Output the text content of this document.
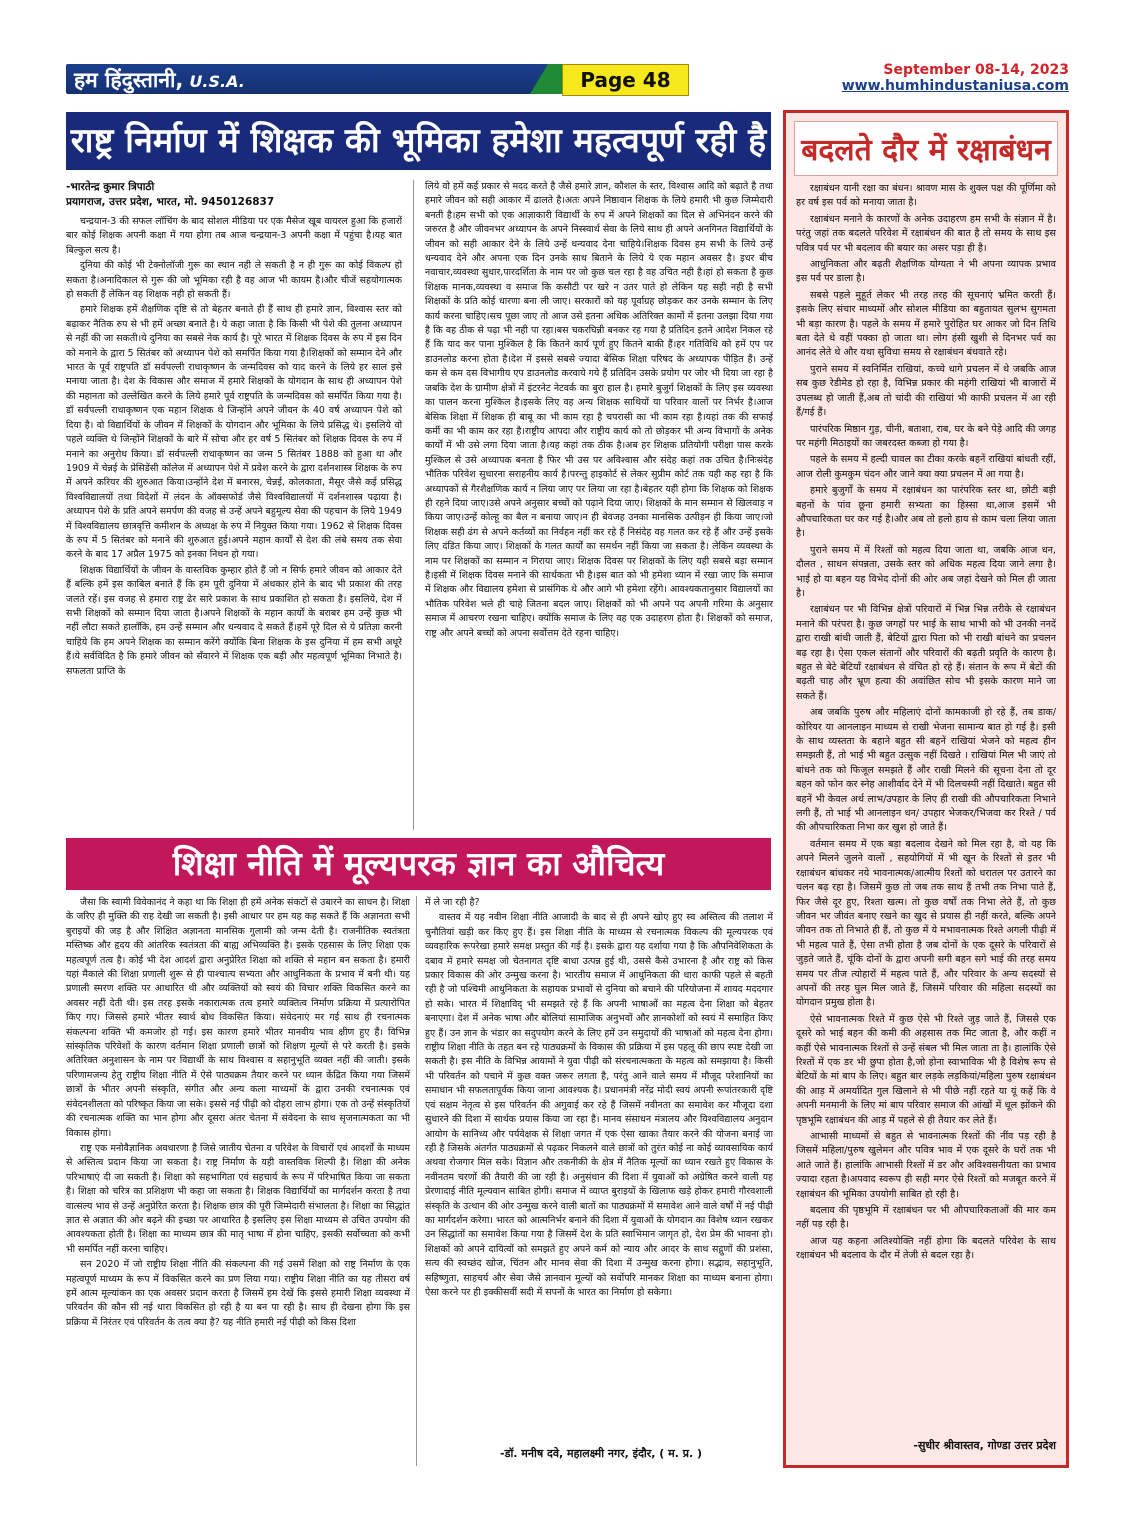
हम हिंदुस्तानी, U.S.A.	Page 48	September 08-14, 2023
www.humhindustaniusa.com
राष्ट्र निर्माण में शिक्षक की भूमिका हमेशा महत्वपूर्ण रही है
-भारतेन्द्र कुमार त्रिपाठी
प्रयागराज, उत्तर प्रदेश, भारत, मो. 9450126837

चन्द्रयान-3 की सफल लॉचिंग के बाद सोशल मीडिया पर एक मैसेज खूब वायरल हुआ कि हजारों बार कोई शिक्षक अपनी कक्षा में गया होगा तब आज चन्द्रयान-3 अपनी कक्षा में पहुंचा है।यह बात बिल्कुल सत्य है।

दुनिया की कोई भी टेक्नोलॉजी गुरू का स्थान नही ले सकती है न ही गुरू का कोई विकल्प हो सकता है।अनादिकाल से गुरू की जो भूमिका रही है वह आज भी कायम है।और चीजें सहयोगात्मक हो सकती हैं लेकिन वह शिक्षक नही हो सकती हैं।

हमारे शिक्षक हमें शैक्षणिक दृष्टि से तो बेहतर बनाते ही हैं साथ ही हमारे ज्ञान, विश्वास स्तर को बढ़ाकर नैतिक रुप से भी हमें अच्छा बनाते है। ये कहा जाता है कि किसी भी पेशे की तुलना अध्यापन से नहीं की जा सकती।ये दुनिया का सबसे नेक कार्य है। पूरे भारत में शिक्षक दिवस के रुप में इस दिन को मनाने के द्वारा 5 सितंबर को अध्यापन पेशे को समर्पित किया गया है।शिक्षकों को सम्मान देने और भारत के पूर्व राष्ट्रपति डॉ सर्वपल्ली राधाकृष्णन के जन्मदिवस को याद करने के लिये हर साल इसे मनाया जाता है। देश के विकास और समाज में हमारे शिक्षकों के योगदान के साथ ही अध्यापन पेशे की महानता को उल्लेखित करने के लिये हमारे पूर्व राष्ट्रपति के जन्मदिवस को समर्पित किया गया है।डॉ सर्वपल्ली राधाकृष्णन एक महान शिक्षक थे जिन्होंने अपने जीवन के 40 वर्ष अध्यापन पेशे को दिया है। वो विद्यार्थियों के जीवन में शिक्षकों के योगदान और भूमिका के लिये प्रसिद्ध थे। इसलिये वो पहले व्यक्ति थे जिन्होंने शिक्षकों के बारे में सोचा और हर वर्ष 5 सितंबर को शिक्षक दिवस के रुप में मनाने का अनुरोध किया। डॉ सर्वपल्ली राधाकृष्णन का जन्म 5 सितंबर 1888 को हुआ था और 1909 में चेन्नई के प्रेसिडेंसी कॉलेज में अध्यापन पेशे में प्रवेश करने के द्वारा दर्शनशास्त्र शिक्षक के रुप में अपने करियर की शुरुआत किया।उन्होंने देश में बनारस, चेन्नई, कोलकाता, मैसूर जैसे कई प्रसिद्ध विश्वविद्यालयों तथा विदेशों में लंदन के ऑक्सफोर्ड जैसे विश्वविद्यालयों में दर्शनशास्त्र पढ़ाया है। अध्यापन पेशे के प्रति अपने समर्पण की वजह से उन्हें अपने बहुमूल्य सेवा की पहचान के लिये 1949 में विश्वविद्यालय छात्रवृत्ति कमीशन के अध्यक्ष के रुप में नियुक्त किया गया। 1962 से शिक्षक दिवस के रुप में 5 सितंबर को मनाने की शुरुआत हुई।अपने महान कार्यों से देश की लंबे समय तक सेवा करने के बाद 17 अप्रैल 1975 को इनका निधन हो गया।

शिक्षक विद्यार्थियों के जीवन के वास्तविक कुम्हार होते हैं जो न सिर्फ हमारे जीवन को आकार देते हैं बल्कि हमें इस काबिल बनाते हैं कि हम पूरी दुनिया में अंधकार होने के बाद भी प्रकाश की तरह जलते रहें। इस वजह से हमारा राष्ट्र ढेर सारे प्रकाश के साथ प्रकाशित हो सकता है। इसलिये, देश में सभी शिक्षकों को सम्मान दिया जाता है।अपने शिक्षकों के महान कार्यों के बराबर हम उन्हें कुछ भी नहीं लौटा सकते हालाँकि, हम उन्हें सम्मान और धन्यवाद दे सकते हैं।हमें पूरे दिल से ये प्रतिज्ञा करनी चाहिये कि हम अपने शिक्षक का सम्मान करेंगे क्योंकि बिना शिक्षक के इस दुनिया में हम सभी अधूरे हैं।ये सर्वविदित है कि हमारे जीवन को सँवारने में शिक्षक एक बड़ी और महत्वपूर्ण भूमिका निभाते है।सफलता प्राप्ति के

लिये वो हमें कई प्रकार से मदद करते है जैसे हमारे ज्ञान, कौशल के स्तर, विश्वास आदि को बढ़ाते है तथा हमारे जीवन को सही आकार में ढालते है।अतः अपने निष्ठावान शिक्षक के लिये हमारी भी कुछ जिम्मेदारी बनती है।हम सभी को एक आज्ञाकारी विद्यार्थी के रुप में अपने शिक्षकों का दिल से अभिनंदन करने की जरुरत है और जीवनभर अध्यापन के अपने निस्स्वार्थ सेवा के लिये साथ ही अपने अनगिनत विद्यार्थियों के जीवन को सही आकार देने के लिये उन्हें धन्यवाद देना चाहिये।शिक्षक दिवस हम सभी के लिये उन्हें धन्यवाद देने और अपना एक दिन उनके साथ बिताने के लिये ये एक महान अवसर है। इधर बीच नवाचार,व्यवस्था सुधार,पारदर्शिता के नाम पर जो कुछ चल रहा है वह उचित नही है।हां हो सकता है कुछ शिक्षक मानक,व्यवस्था व समाज कि कसौटी पर खरे न उतर पाते हो लेकिन यह सही नही है सभी शिक्षकों के प्रति कोई धारणा बना ली जाए। सरकारों को यह पूर्वाग्रह छोड़कर कर उनके सम्मान के लिए कार्य करना चाहिए।सच पूछा जाए तो आज उसे इतना अधिक अतिरिक्त कामों में इतना उलझा दिया गया है कि वह ठीक से पढ़ा भी नही पा रहा।बस चकरघिन्नी बनकर रह गया है प्रतिदिन इतने आदेश निकल रहे हैं कि याद कर पाना मुश्किल है कि कितने कार्य पूर्ण हुए कितने बाकी हैं।हर गतिविधि को हमें एप पर डाउनलोड करना होता है।देश में इससे सबसे ज्यादा बेसिक शिक्षा परिषद के अध्यापक पीड़ित हैं। उन्हें कम से कम दस विभागीय एप डाउनलोड करवाये गये हैं प्रतिदिन उसके प्रयोग पर जोर भी दिया जा रहा है जबकि देश के ग्रामीण क्षेत्रों में इंटरनेट नेटवर्क का बुरा हाल है। हमारे बुजुर्ग शिक्षकों के लिए इस व्यवस्था का पालन करना मुश्किल है।इसके लिए वह अन्य शिक्षक साथियों या परिवार वालों पर निर्भर है।आज बेसिक शिक्षा में शिक्षक ही बाबू का भी काम रहा है चपरासी का भी काम रहा है।यहां तक की सफाई कर्मी का भी काम कर रहा है।राष्ट्रीय आपदा और राष्ट्रीय कार्य को तो छोड़कर भी अन्य विभागों के अनेक कार्यों में भी उसे लगा दिया जाता है।यह कहां तक ठीक है।अब हर शिक्षक प्रतियोगी परीक्षा पास करके मुश्किल से उसे अध्यापक बनता है फिर भी उस पर अविश्वास और संदेह कहां तक उचित है।निःसंदेह भौतिक परिवेश सुधारना सराहनीय कार्य है।परन्तु हाइकोर्ट से लेकर सुप्रीम कोर्ट तक यही कह रहा है कि अध्यापकों से गैरशैक्षणिक कार्य न लिया जाए पर लिया जा रहा है।बेहतर यही होगा कि शिक्षक को शिक्षक ही रहने दिया जाए।उसे अपने अनुसार बच्चों को पढ़ाने दिया जाए। शिक्षकों के मान सम्मान से खिलवाड़ न किया जाए।उन्हें कोल्हू का बैल न बनाया जाए।न ही बेवजह उनका मानसिक उत्पीड़न ही किया जाए।जो शिक्षक सही ढंग से अपने कर्तव्यों का निर्वहन नहीं कर रहे हैं निसंदेह वह गलत कर रहे हैं और उन्हें इसके लिए दंडित किया जाए। शिक्षकों के गलत कार्यों का समर्थन नहीं किया जा सकता है। लेकिन व्यवस्था के नाम पर शिक्षकों का सम्मान न गिराया जाए। शिक्षक दिवस पर शिक्षकों के लिए यही सबसे बड़ा सम्मान है।इसी में शिक्षक दिवस मनाने की सार्थकता भी है।इस बात को भी हमेशा ध्यान में रखा जाए कि समाज में शिक्षक और विद्यालय हमेशा से प्रासंगिक थे और आगे भी हमेशा रहेंगे। आवश्यकतानुसार विद्यालयों का भौतिक परिवेश भले ही चाहे जितना बदल जाए। शिक्षकों को भी अपने पद अपनी गरिमा के अनुसार समाज में आचरण रखना चाहिए। क्योंकि समाज के लिए वह एक उदाहरण होता है। शिक्षकों को समाज, राष्ट्र और अपने बच्चों को अपना सर्वोत्तम देते रहना चाहिए।

शिक्षा नीति में मूल्यपरक ज्ञान का औचित्य

जैसा कि स्वामी विवेकानंद ने कहा था कि शिक्षा ही हमें अनेक संकटों से उबारने का साधन है। शिक्षा के जरिए ही मुक्ति की राह देखी जा सकती है। इसी आधार पर हम यह कह सकते हैं कि अज्ञानता सभी बुराइयों की जड़ है और शिक्षित अज्ञानता मानसिक गुलामी को जन्म देती है। राजनीतिक स्वतंत्रता मस्तिष्क और हृदय की आंतरिक स्वतंत्रता की बाह्य अभिव्यक्ति है। इसके एहसास के लिए शिक्षा एक महत्वपूर्ण तत्व है। कोई भी देश आदर्श द्वारा अनुप्रेरित शिक्षा को शक्ति से महान बन सकता है। हमारी यहां मैकाले की शिक्षा प्रणाली शुरू से ही पाश्चात्य सभ्यता और आधुनिकता के प्रभाव में बनी थी। यह प्रणाली स्मरण शक्ति पर आधारित थी और व्यक्तियों को स्वयं की विचार शक्ति विकसित करने का अवसर नहीं देती थी। इस तरह इसके नकारात्मक तत्व हमारे व्यक्तित्व निर्माण प्रक्रिया में प्रत्यारोपित किए गए। जिससे हमारे भीतर स्वार्थ बोध विकसित किया। संवेदनाएं मर गई साथ ही रचनात्मक संकल्पना शक्ति भी कमजोर हो गई। इस कारण हमारे भीतर मानवीय भाव क्षीण हुए हैं। विभिन्न सांस्कृतिक परिवेशों के कारण वर्तमान शिक्षा प्रणाली छात्रों को शिक्षण मूल्यों से परे करती है। इसके अतिरिक्त अनुशासन के नाम पर विद्यार्थी के साथ विश्वास व सहानुभूति व्यक्त नहीं की जाती। इसके परिणामजन्य हेतु राष्ट्रीय शिक्षा नीति में ऐसे पाठ्यक्रम तैयार करने पर ध्यान केंद्रित किया गया जिसमें छात्रों के भीतर अपनी संस्कृति, संगीत और अन्य कला माध्यमों के द्वारा उनकी रचनात्मक एवं संवेदनशीलता को परिष्कृत किया जा सके। इससे नई पीढ़ी को दोहरा लाभ होगा। एक तो उन्हें संस्कृतियों की रचनात्मक शक्ति का भान होगा और दूसरा अंतर चेतना में संवेदना के साथ सृजनात्मकता का भी विकास होगा।

राष्ट्र एक मनोवैज्ञानिक अवधारणा है जिसे जातीय चेतना व परिवेश के विचारों एवं आदर्शों के माध्यम से अस्तित्व प्रदान किया जा सकता है। राष्ट्र निर्माण के यही वास्तविक शिल्पी है। शिक्षा की अनेक परिभाषाएं दी जा सकती है। शिक्षा को सहभागिता एवं सहचार्य के रूप में परिभाषित किया जा सकता है। शिक्षा को चरित्र का प्रशिक्षण भी कहा जा सकता है। शिक्षक विद्यार्थियों का मार्गदर्शन करता है तथा वात्सल्य भाव से उन्हें अनुप्रेरित करता है। शिक्षक छात्र की पूरी जिम्मेदारी संभालता है। शिक्षा का सिद्धांत ज्ञात से अज्ञात की ओर बढ़ने की इच्छा पर आधारित है इसलिए इस शिक्षा माध्यम से उचित उपयोग की आवश्यकता होती है। शिक्षा का माध्यम छात्र की मातृ भाषा में होना चाहिए, इसकी सर्वोच्चता को कभी भी समर्पित नहीं करना चाहिए।

सन 2020 में जो राष्ट्रीय शिक्षा नीति की संकल्पना की गई उसमें शिक्षा को राष्ट्र निर्माण के एक महत्वपूर्ण माध्यम के रूप में विकसित करने का प्रण लिया गया। राष्ट्रीय शिक्षा नीति का यह तीसरा वर्ष हमें आत्म मूल्यांकन का एक अवसर प्रदान करता है जिसमें हम देखें कि इससे हमारी शिक्षा व्यवस्था में परिवर्तन की कौन सी नई धारा विकसित हो रही है या बन पा रही है। साथ ही देखना होगा कि इस प्रक्रिया में निरंतर एवं परिवर्तन के तत्व क्या है? यह नीति हमारी नई पीढ़ी को किस दिशा

में ले जा रही है?

वास्तव में यह नवीन शिक्षा नीति आजादी के बाद से ही अपने खोए हुए स्व अस्तित्व की तलाश में चुनौतियां खड़ी कर किए हुए हैं। इस शिक्षा नीति के माध्यम से रचनात्मक विकल्प की मूल्यपरक एवं व्यवहारिक रूपरेखा हमारे समक्ष प्रस्तुत की गई है। इसके द्वारा यह दर्शाया गया है कि औपनिवेशिकता के दबाव में हमारे समक्ष जो चेतनागत दृष्टि बाधा उत्पन्न हुई थी, उससे कैसे उभारना है और राष्ट्र को किस प्रकार विकास की ओर उन्मुख करना है। भारतीय समाज में आधुनिकता की धारा काफी पहले से बहती रही है जो पश्चिमी आधुनिकता के सहायक प्रभावों से दुनिया को बचाने की परियोजना में शायद मददगार हो सके। भारत में शिक्षाविद् भी समझते रहे हैं कि अपनी भाषाओं का महत्व देना शिक्षा को बेहतर बनाएगा। देश में अनेक भाषा और बोलियां सामाजिक अनुभवों और ज्ञानकोशों को स्वयं में समाहित किए हुए हैं। उन ज्ञान के भंडार का सदुपयोग करने के लिए हमें उन समुदायों की भाषाओं को महत्व देना होगा। राष्ट्रीय शिक्षा नीति के तहत बन रहे पाठ्यक्रमों के विकास की प्रक्रिया में इस पहलू की छाप स्पष्ट देखी जा सकती है। इस नीति के विभिन्न आयामों ने युवा पीढ़ी को संरचनात्मकता के महत्व को समझाया है। किसी भी परिवर्तन को पचाने में कुछ वक्त जरूर लगता है, परंतु आने वाले समय में मौजूद परेशानियों का समाधान भी सफलतापूर्वक किया जाना आवश्यक है। प्रधानमंत्री नरेंद्र मोदी स्वयं अपनी रूपांतरकारी दृष्टि एवं सक्षम नेतृत्व से इस परिवर्तन की अगुवाई कर रहे हैं जिसमें नवीनता का समावेश कर मौजूदा दशा सुधारने की दिशा में सार्थक प्रयास किया जा रहा है। मानव संसाधन मंत्रालय और विश्वविद्यालय अनुदान आयोग के सानिध्य और पर्यवेक्षक से शिक्षा जगत में एक ऐसा खाका तैयार करने की योजना बनाई जा रही है जिसके अंतर्गत पाठ्यक्रमों से पढ़कर निकलने वाले छात्रों को तुरंत कोई ना कोई व्यावसायिक कार्य अथवा रोजगार मिल सके। विज्ञान और तकनीकी के क्षेत्र में नैतिक मूल्यों का ध्यान रखते हुए विकास के नवीनतम चरणों की तैयारी की जा रही है। अनुसंधान की दिशा में युवाओं को अग्रेषित करने वाली यह प्रेरणादाई नीति मूल्यवान साबित होगी। समाज में व्याप्त बुराइयों के खिलाफ खड़े होकर हमारी गौरवशाली संस्कृति के उत्थान की ओर उन्मुख करने वाली बातों का पाठ्यक्रमों में समावेश आने वाले वर्षों में नई पीढ़ी का मार्गदर्शन करेगा। भारत को आत्मनिर्भर बनाने की दिशा में युवाओं के योगदान का विशेष ध्यान रखकर उन सिद्धांतों का समावेश किया गया है जिसमें देश के प्रति स्वाभिमान जागृत हो, देश प्रेम की भावना हो। शिक्षकों को अपने दायित्वों को समझते हुए अपने कर्म को न्याय और आदर के साथ सद्गुणों की प्रशंसा, सत्य की स्वच्छंद खोज, चिंतन और मानव सेवा की दिशा में उन्मुख करना होगा। सद्भाव, सहानुभूति, सहिष्णुता, साहचर्य और सेवा जैसे ज्ञानवान मूल्यों को सर्वोपरि मानकर शिक्षा का माध्यम बनाना होगा। ऐसा करने पर ही इक्कीसवीं सदी में सपनों के भारत का निर्माण हो सकेगा।

-डॉ. मनीष दवे, महालक्ष्मी नगर, इंदौर, ( म. प्र. )
बदलते दौर में रक्षाबंधन

रक्षाबंधन यानी रक्षा का बंधन। श्रावण मास के शुक्ल पक्ष की पूर्णिमा को हर वर्ष इस पर्व को मनाया जाता है।

रक्षाबंधन मनाने के कारणों के अनेक उदाहरण हम सभी के संज्ञान में है। परंतु जहां तक बदलते परिवेश में रक्षाबंधन की बात है तो समय के साथ इस पवित्र पर्व पर भी बदलाव की बयार का असर पड़ा ही है।

आधुनिकता और बढ़ती शैक्षणिक योग्यता ने भी अपना व्यापक प्रभाव इस पर्व पर डाला है।

सबसे पहले मुहूर्त लेकर भी तरह तरह की सूचनाएं भ्रमित करती हैं। इसके लिए संचार माध्यमों और सोशल मीडिया का बहुतायत सुलभ सुगमता भी बड़ा कारण है। पहले के समय में हमारे पुरोहित घर आकर जो दिन तिथि बता देते थे वहीं पक्का हो जाता था। लोग हंसी खुशी से दिनभर पर्व का आनंद लेते थे और यथा सुविधा समय से रक्षाबंधन बंधवाते रहे।

पुराने समय में स्वनिर्मित राखियां, कच्चे धागे प्रचलन में थे जबकि आज सब कुछ रेडीमेड हो रहा है, विभिन्न प्रकार की महंगी राखियां भी बाजारों में उपलब्ध हो जाती हैं,अब तो चांदी की राखियां भी काफी प्रचलन में आ रही हैं/गई हैं।

पारंपरिक मिष्ठान गुड़, चीनी, बताशा, राब, घर के बने पेड़े आदि की जगह पर महंगी मिठाइयों का जबरदस्त कब्जा हो गया है।

पहले के समय में हल्दी चावल का टीका करके बहनें राखियां बांधती रहीं, आज रोली कुमकुम चंदन और जाने क्या क्या प्रचलन में आ गया है।

हमारे बुजुर्गों के समय में रक्षाबंधन का पारंपरिक स्तर था, छोटी बड़ी बहनों के पांव छूना हमारी सभ्यता का हिस्सा था,आज इसमें भी औपचारिकता घर कर गई है।और अब तो हलो हाय से काम चला लिया जाता है।

पुराने समय में में रिश्तों को महत्व दिया जाता था, जबकि आज धन, दौलत , साधन संपन्नता, उसके स्तर को अधिक महत्व दिया जाने लगा है। भाई हो या बहन यह विभेद दोनों की ओर अब जहां देखने को मिल ही जाता है।

रक्षाबंधन पर भी विभिन्न क्षेत्रों परिवारों में भिन्न भिन्न तरीके से रक्षाबंधन मनाने की परंपरा है। कुछ जगहों पर भाई के साथ भाभी को भी उनकी ननदें द्वारा राखी बांधी जाती हैं, बेटियों द्वारा पिता को भी राखी बांधने का प्रचलन बढ़ रहा है। ऐसा एकल संतानों और परिवारों की बढ़ती प्रवृति के कारण है। बहुत से बेटे बेटियाँ रक्षाबंधन से वंचित हो रहे हैं। संतान के रूप में बेटों की बढ़ती चाह और भ्रूण हत्या की अवांछित सोच भी इसके कारण माने जा सकते हैं।

अब जबकि पुरुष और महिलाएं दोनों कामकाजी हो रहे हैं, तब डाक/कोरियर या आनलाइन माध्यम से राखी भेजना सामान्य बात हो गई है। इसी के साथ व्यस्तता के बहाने बहुत सी बहनें राखियां भेजने को महत्व हीन समझती हैं, तो भाई भी बहुत उत्सुक नहीं दिखते । राखियां मिल भी जाएं तो बांधने तक को फिजूल समझते हैं और राखी मिलने की सूचना देना तो दूर बहन को फोन कर स्नेह आशीर्वाद देने में भी दिलचस्पी नहीं दिखाते। बहुत सी बहनें भी केवल अर्थ लाभ/उपहार के लिए ही राखी की औपचारिकता निभाने लगी हैं, तो भाई भी आनलाइन धन/ उपहार भेजकर/भिजवा कर रिश्ते / पर्व की औपचारिकता निभा कर खुश हो जाते हैं।

वर्तमान समय में एक बड़ा बदलाव देखने को मिल रहा है, वो यह कि अपने मिलने जुलने वालों , सहयोगियों में भी खून के रिश्तों से इतर भी रक्षाबंधन बांधकर नये भावनात्मक/आत्मीय रिश्तों को धरातल पर उतारने का चलन बढ़ रहा है। जिसमें कुछ तो जब तक साथ हैं तभी तक निभा पाते हैं, फिर जैसे दूर हुए, रिश्ता खत्म। तो कुछ वर्षों तक निभा लेते हैं, तो कुछ जीवन भर जीवंत बनाए रखने का खुद से प्रयास ही नहीं करते, बल्कि अपने जीवन तक तो निभाते ही हैं, तो कुछ में ये मभावनात्मक रिश्ते अगली पीढ़ी में भी महत्व पाते हैं, ऐसा तभी होता है जब दोनों के एक दूसरे के परिवारों से जुड़ते जाते हैं, चूंकि दोनों के द्वारा अपनी सगी बहन सगे भाई की तरह समय समय पर तीज त्योहारों में महत्व पाते हैं, और परिवार के अन्य सदस्यों से अपनों की तरह घुल मिल जाते हैं, जिसमें परिवार की महिला सदस्यों का योगदान प्रमुख होता है।

ऐसे भावनात्मक रिश्ते में कुछ ऐसे भी रिश्ते जुड़ जाते हैं, जिससे एक दूसरे को भाई बहन की कमी की अहसास तक मिट जाता है, और कहीं न कहीं ऐसे भावनात्मक रिश्तों से उन्हें संबल भी मिल जाता ता है। हालांकि ऐसे रिश्तों में एक डर भी छुपा होता है,जो होना स्वाभाविक भी है विशेष रूप से बेटियों के मां बाप के लिए। बहुत बार लड़के लड़कियां/महिला पुरुष रक्षाबंधन की आड़ में अमर्यादित गुल खिलाने से भी पीछे नहीं रहते या यूं कहें कि वे अपनी मनमानी के लिए मां बाप परिवार समाज की आंखों में धूल झोंकने की पृष्ठभूमि रक्षाबंधन की आड़ में पहले से ही तैयार कर लेते हैं।

आभासी माध्यमों से बहुत से भावनात्मक रिश्तों की नींव पड़ रही है जिसमें महिला/पुरुष खुलेमन और पवित्र भाव में एक दूसरे के घरों तक भी आते जाते हैं। हालांकि आभासी रिश्तों में डर और अविश्वसनीयता का प्रभाव ज्यादा रहता है।अपवाद स्वरूप ही सही मगर ऐसे रिश्तों को मजबूत करने में रक्षाबंधन की भूमिका उपयोगी साबित हो रही है।

बदलाव की पृष्ठभूमि में रक्षाबंधन पर भी औपचारिकताओं की मार कम नहीं पड़ रही है।

आज यह कहना अतिश्योक्ति नहीं होगा कि बदलते परिवेश के साथ रक्षाबंधन भी बदलाव के दौर में तेजी से बदल रहा है।

-सुधीर श्रीवास्तव, गोण्डा उत्तर प्रदेश
